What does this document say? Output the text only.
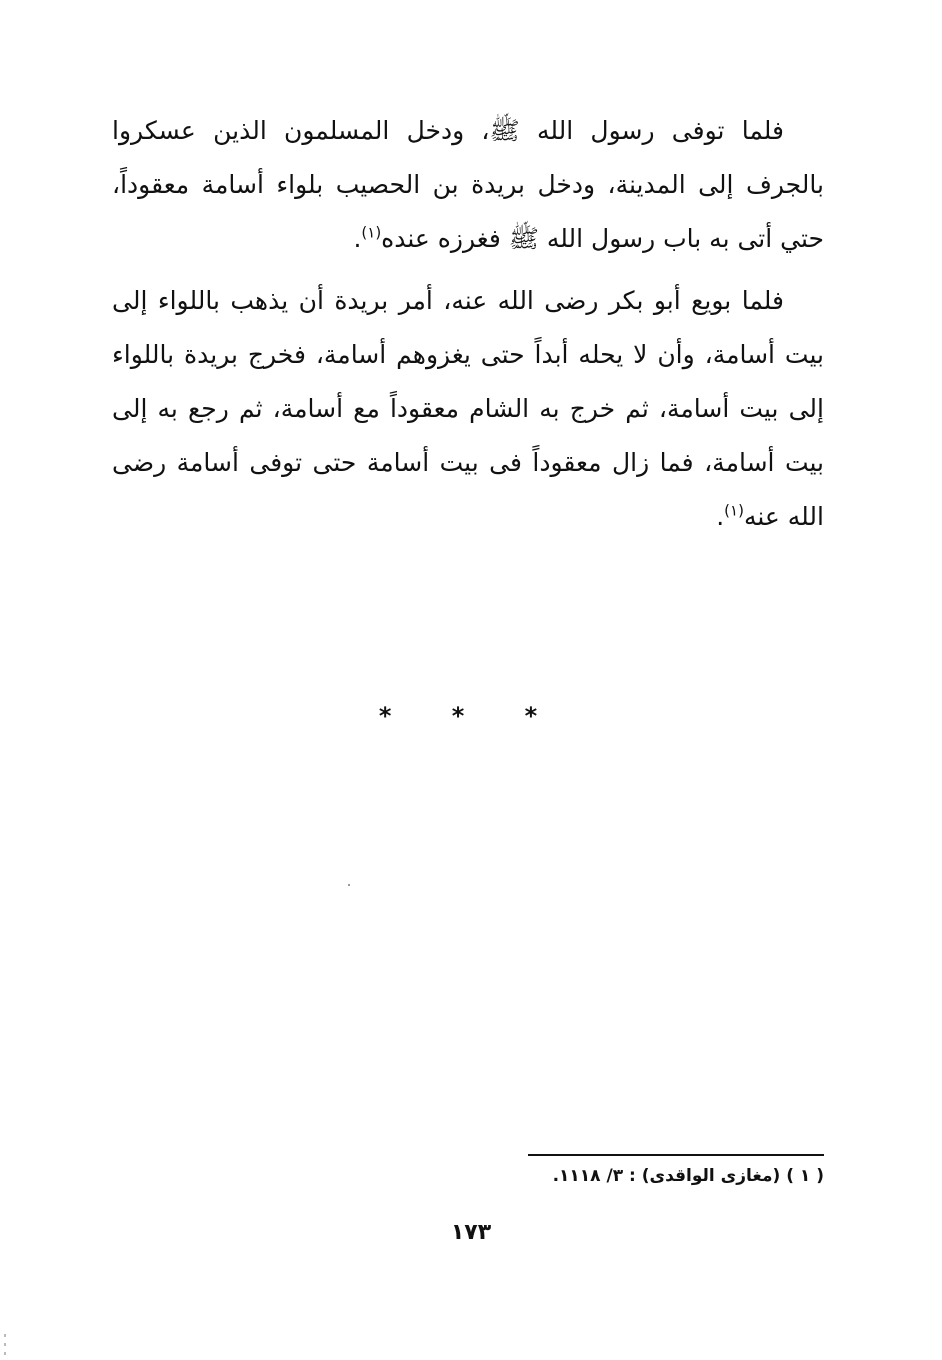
فلما توفى رسول الله ﷺ، ودخل المسلمون الذين عسكروا بالجرف إلى المدينة، ودخل بريدة بن الحصيب بلواء أسامة معقوداً، حتي أتى به باب رسول الله ﷺ فغرزه عنده$^{(١)}$.

فلما بويع أبو بكر رضى الله عنه، أمر بريدة أن يذهب باللواء إلى بيت أسامة، وأن لا يحله أبداً حتى يغزوهم أسامة، فخرج بريدة باللواء إلى بيت أسامة، ثم خرج به الشام معقوداً مع أسامة، ثم رجع به إلى بيت أسامة، فما زال معقوداً فى بيت أسامة حتى توفى أسامة رضى الله عنه$^{(١)}$.

* * *
( ١ ) (مغازى الواقدى) : ٣/ ١١١٨.
١٧٣
